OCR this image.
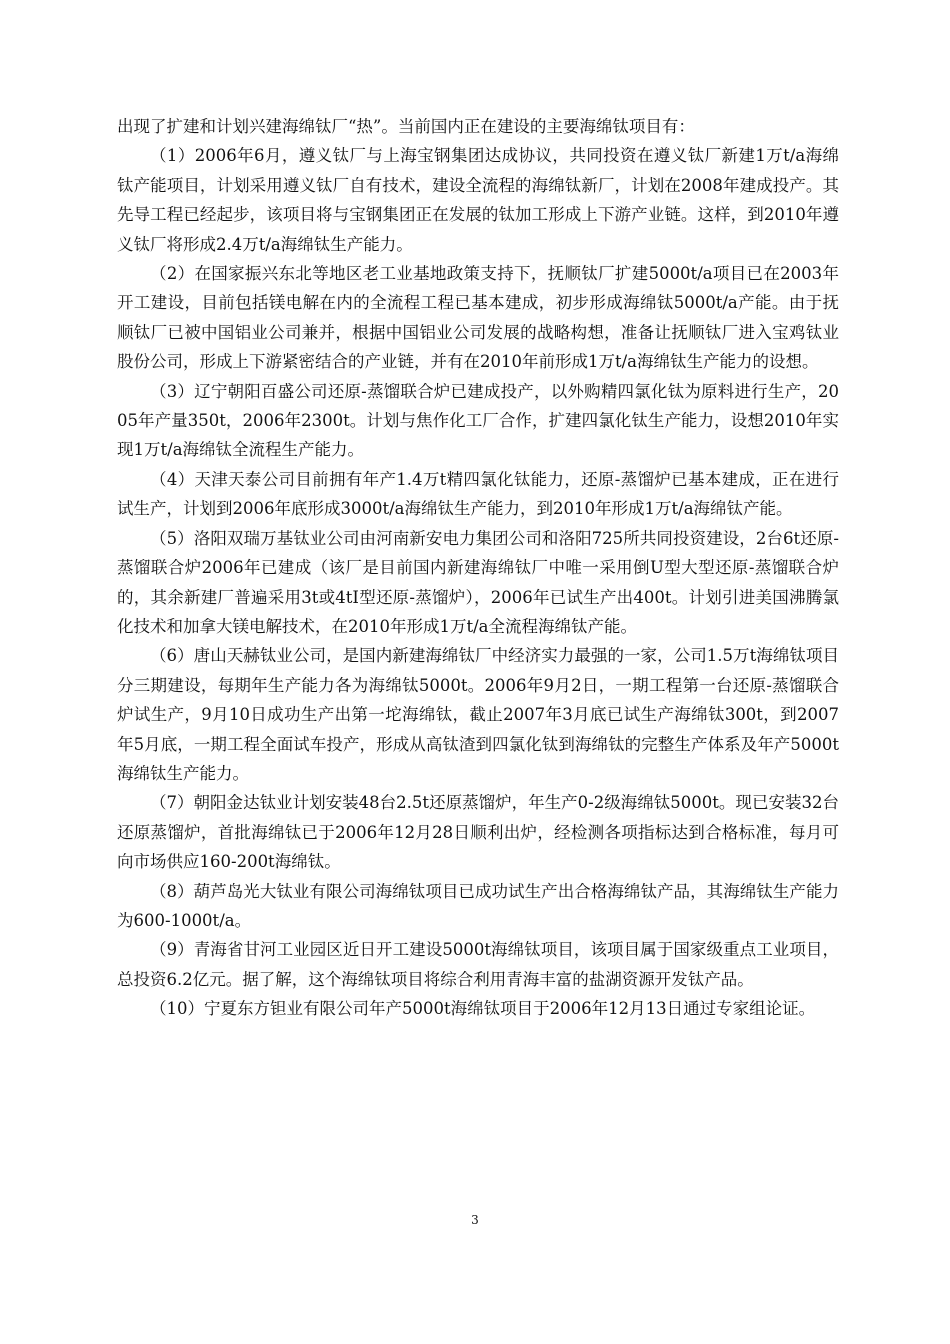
出现了扩建和计划兴建海绵钛厂“热”。当前国内正在建设的主要海绵钛项目有：

（1）2006年6月，遵义钛厂与上海宝钢集团达成协议，共同投资在遵义钛厂新建1万t/a海绵钛产能项目，计划采用遵义钛厂自有技术，建设全流程的海绵钛新厂，计划在2008年建成投产。其先导工程已经起步，该项目将与宝钢集团正在发展的钛加工形成上下游产业链。这样，到2010年遵义钛厂将形成2.4万t/a海绵钛生产能力。

（2）在国家振兴东北等地区老工业基地政策支持下，抚顺钛厂扩建5000t/a项目已在2003年开工建设，目前包括镁电解在内的全流程工程已基本建成，初步形成海绵钛5000t/a产能。由于抚顺钛厂已被中国铝业公司兼并，根据中国铝业公司发展的战略构想，准备让抚顺钛厂进入宝鸡钛业股份公司，形成上下游紧密结合的产业链，并有在2010年前形成1万t/a海绵钛生产能力的设想。

（3）辽宁朝阳百盛公司还原-蒸馏联合炉已建成投产，以外购精四氯化钛为原料进行生产，2005年产量350t，2006年2300t。计划与焦作化工厂合作，扩建四氯化钛生产能力，设想2010年实现1万t/a海绵钛全流程生产能力。

（4）天津天泰公司目前拥有年产1.4万t精四氯化钛能力，还原-蒸馏炉已基本建成，正在进行试生产，计划到2006年底形成3000t/a海绵钛生产能力，到2010年形成1万t/a海绵钛产能。

（5）洛阳双瑞万基钛业公司由河南新安电力集团公司和洛阳725所共同投资建设，2台6t还原-蒸馏联合炉2006年已建成（该厂是目前国内新建海绵钛厂中唯一采用倒U型大型还原-蒸馏联合炉的，其余新建厂普遍采用3t或4tI型还原-蒸馏炉），2006年已试生产出400t。计划引进美国沸腾氯化技术和加拿大镁电解技术，在2010年形成1万t/a全流程海绵钛产能。

（6）唐山天赫钛业公司，是国内新建海绵钛厂中经济实力最强的一家，公司1.5万t海绵钛项目分三期建设，每期年生产能力各为海绵钛5000t。2006年9月2日，一期工程第一台还原-蒸馏联合炉试生产，9月10日成功生产出第一坨海绵钛，截止2007年3月底已试生产海绵钛300t，到2007年5月底，一期工程全面试车投产，形成从高钛渣到四氯化钛到海绵钛的完整生产体系及年产5000t海绵钛生产能力。

（7）朝阳金达钛业计划安装48台2.5t还原蒸馏炉，年生产0-2级海绵钛5000t。现已安装32台还原蒸馏炉，首批海绵钛已于2006年12月28日顺利出炉，经检测各项指标达到合格标准，每月可向市场供应160-200t海绵钛。

（8）葫芦岛光大钛业有限公司海绵钛项目已成功试生产出合格海绵钛产品，其海绵钛生产能力为600-1000t/a。

（9）青海省甘河工业园区近日开工建设5000t海绵钛项目，该项目属于国家级重点工业项目，总投资6.2亿元。据了解，这个海绵钛项目将综合利用青海丰富的盐湖资源开发钛产品。

（10）宁夏东方钽业有限公司年产5000t海绵钛项目于2006年12月13日通过专家组论证。

3
